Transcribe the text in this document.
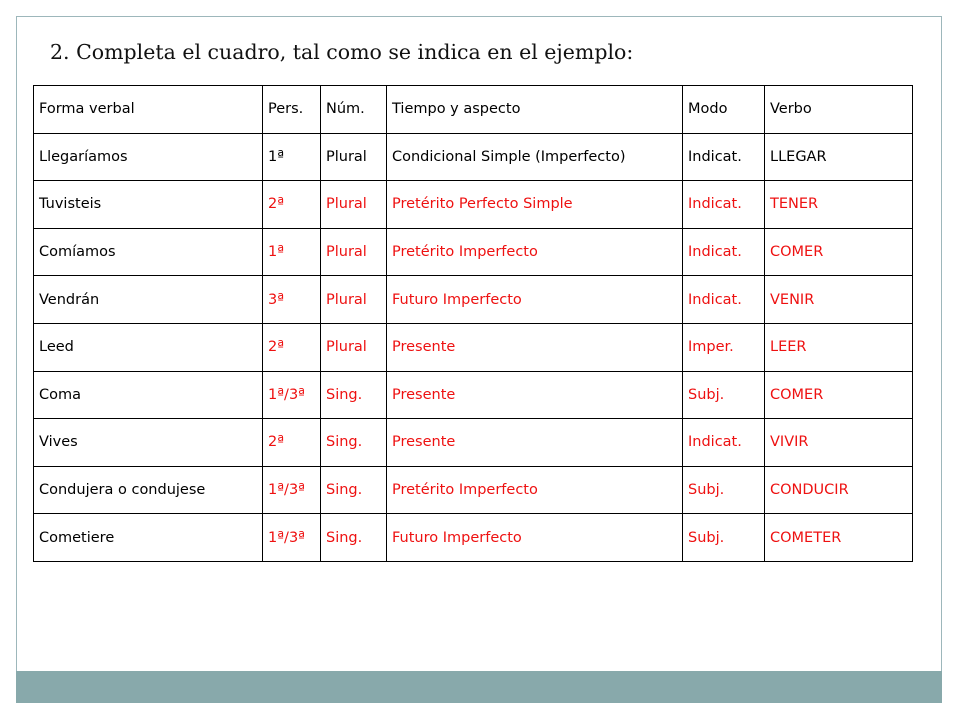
2. Completa el cuadro, tal como se indica en el ejemplo:
Forma verbal	Pers.	Núm.	Tiempo y aspecto	Modo	Verbo
Llegaríamos	1ª	Plural	Condicional Simple (Imperfecto)	Indicat.	LLEGAR
Tuvisteis	2ª	Plural	Pretérito Perfecto Simple	Indicat.	TENER
Comíamos	1ª	Plural	Pretérito Imperfecto	Indicat.	COMER
Vendrán	3ª	Plural	Futuro Imperfecto	Indicat.	VENIR
Leed	2ª	Plural	Presente	Imper.	LEER
Coma	1ª/3ª	Sing.	Presente	Subj.	COMER
Vives	2ª	Sing.	Presente	Indicat.	VIVIR
Condujera o condujese	1ª/3ª	Sing.	Pretérito Imperfecto	Subj.	CONDUCIR
Cometiere	1ª/3ª	Sing.	Futuro Imperfecto	Subj.	COMETER
